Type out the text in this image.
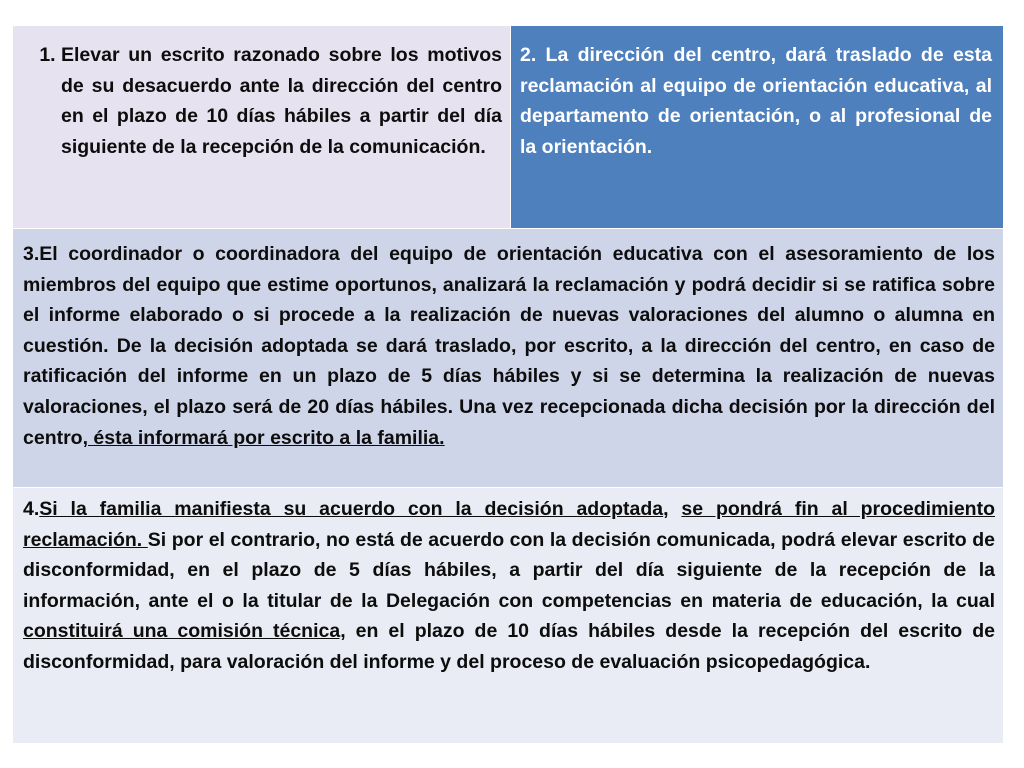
1. Elevar un escrito razonado sobre los motivos de su desacuerdo ante la dirección del centro en el plazo de 10 días hábiles a partir del día siguiente de la recepción de la comunicación.

2. La dirección del centro, dará traslado de esta reclamación al equipo de orientación educativa, al departamento de orientación, o al profesional de la orientación.

3.El coordinador o coordinadora del equipo de orientación educativa con el asesoramiento de los miembros del equipo que estime oportunos, analizará la reclamación y podrá decidir si se ratifica sobre el informe elaborado o si procede a la realización de nuevas valoraciones del alumno o alumna en cuestión. De la decisión adoptada se dará traslado, por escrito, a la dirección del centro, en caso de ratificación del informe en un plazo de 5 días hábiles y si se determina la realización de nuevas valoraciones, el plazo será de 20 días hábiles. Una vez recepcionada dicha decisión por la dirección del centro, ésta informará por escrito a la familia.

4.Si la familia manifiesta su acuerdo con la decisión adoptada, se pondrá fin al procedimiento reclamación. Si por el contrario, no está de acuerdo con la decisión comunicada, podrá elevar escrito de disconformidad, en el plazo de 5 días hábiles, a partir del día siguiente de la recepción de la información, ante el o la titular de la Delegación con competencias en materia de educación, la cual constituirá una comisión técnica, en el plazo de 10 días hábiles desde la recepción del escrito de disconformidad, para valoración del informe y del proceso de evaluación psicopedagógica.
